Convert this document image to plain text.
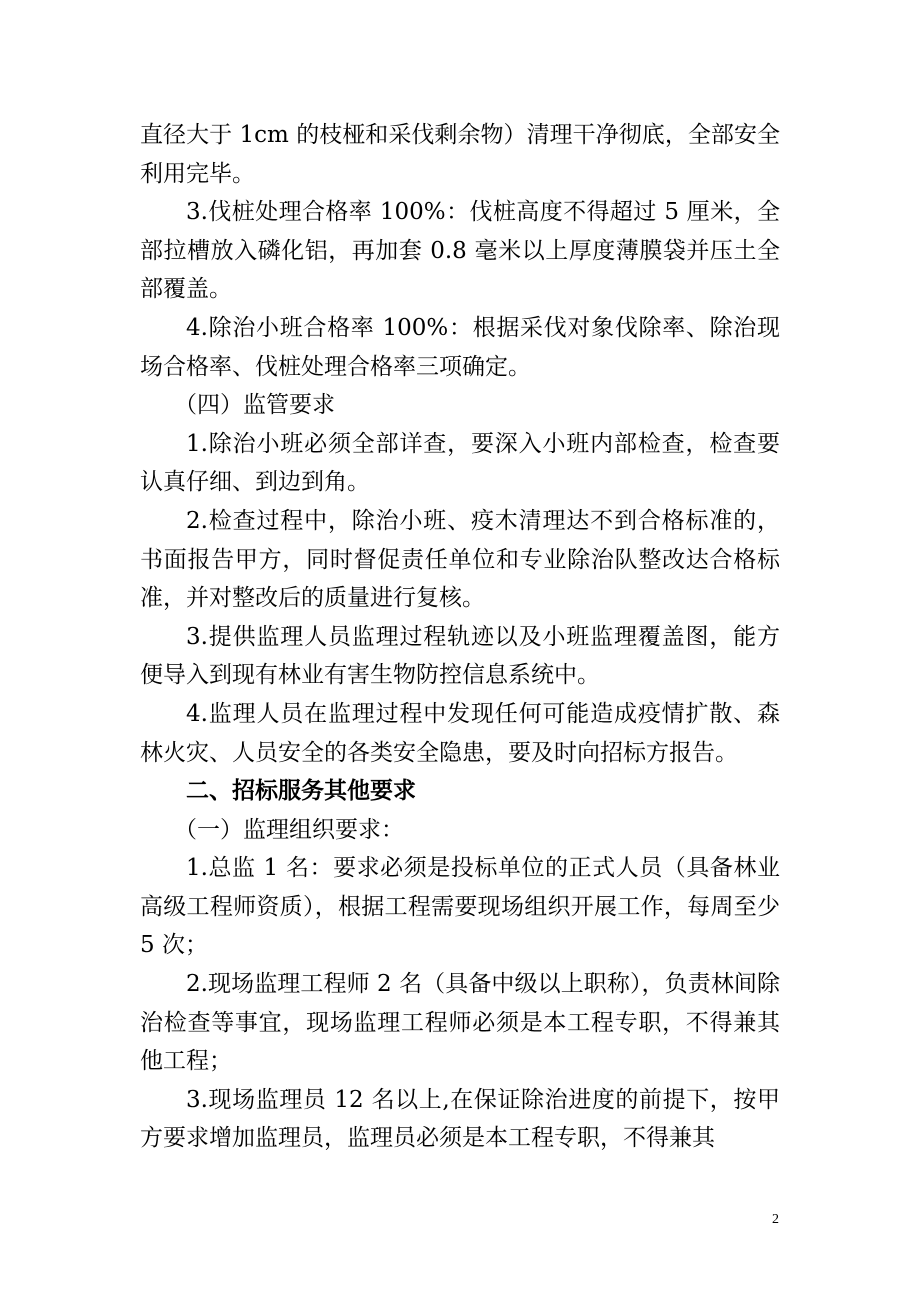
直径大于 1cm 的枝桠和采伐剩余物）清理干净彻底，全部安全利用完毕。

3.伐桩处理合格率 100%：伐桩高度不得超过 5 厘米，全部拉槽放入磷化铝，再加套 0.8 毫米以上厚度薄膜袋并压土全部覆盖。

4.除治小班合格率 100%：根据采伐对象伐除率、除治现场合格率、伐桩处理合格率三项确定。

（四）监管要求

1.除治小班必须全部详查，要深入小班内部检查，检查要认真仔细、到边到角。

2.检查过程中，除治小班、疫木清理达不到合格标准的，书面报告甲方，同时督促责任单位和专业除治队整改达合格标准，并对整改后的质量进行复核。

3.提供监理人员监理过程轨迹以及小班监理覆盖图，能方便导入到现有林业有害生物防控信息系统中。

4.监理人员在监理过程中发现任何可能造成疫情扩散、森林火灾、人员安全的各类安全隐患，要及时向招标方报告。

二、招标服务其他要求

（一）监理组织要求：

1.总监 1 名：要求必须是投标单位的正式人员（具备林业高级工程师资质），根据工程需要现场组织开展工作，每周至少 5 次；

2.现场监理工程师 2 名（具备中级以上职称），负责林间除治检查等事宜，现场监理工程师必须是本工程专职，不得兼其他工程；

3.现场监理员 12 名以上,在保证除治进度的前提下，按甲方要求增加监理员，监理员必须是本工程专职，不得兼其

2
